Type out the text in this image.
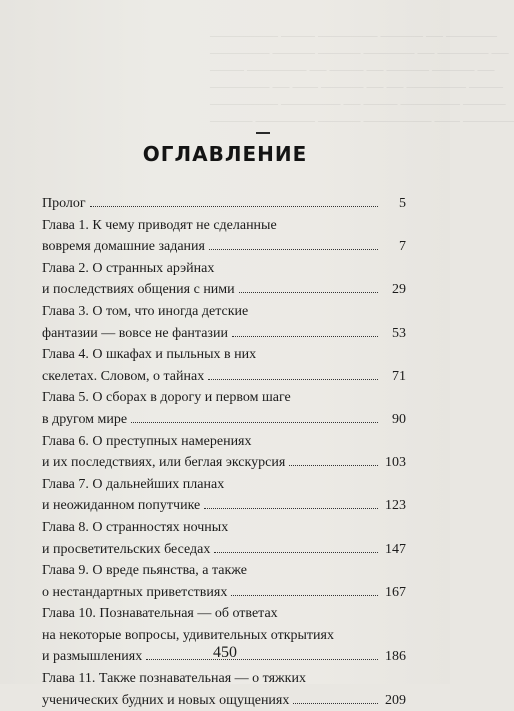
──────── ──── ─────── ───── ── ──────
─────── ───── ───── ────── ── ────── ──
──── ─────── ── ──── ── ───── ───── ──
─────── ── ─── ───── ── ── ─────── ────
──────── ─────── ── ──── ─────── ─────
───── ─────── ───── ──────── ─── ──────
ОГЛАВЛЕНИЕ
Пролог	5
Глава 1. К чему приводят не сделанные
вовремя домашние задания	7
Глава 2. О странных арэйнах
и последствиях общения с ними	29
Глава 3. О том, что иногда детские
фантазии — вовсе не фантазии	53
Глава 4. О шкафах и пыльных в них
скелетах. Словом, о тайнах	71
Глава 5. О сборах в дорогу и первом шаге
в другом мире	90
Глава 6. О преступных намерениях
и их последствиях, или беглая экскурсия	103
Глава 7. О дальнейших планах
и неожиданном попутчике	123
Глава 8. О странностях ночных
и просветительских беседах	147
Глава 9. О вреде пьянства, а также
о нестандартных приветствиях	167
Глава 10. Познавательная — об ответах
на некоторые вопросы, удивительных открытиях
и размышлениях	186
Глава 11. Также познавательная — о тяжких
ученических будних и новых ощущениях	209
450
